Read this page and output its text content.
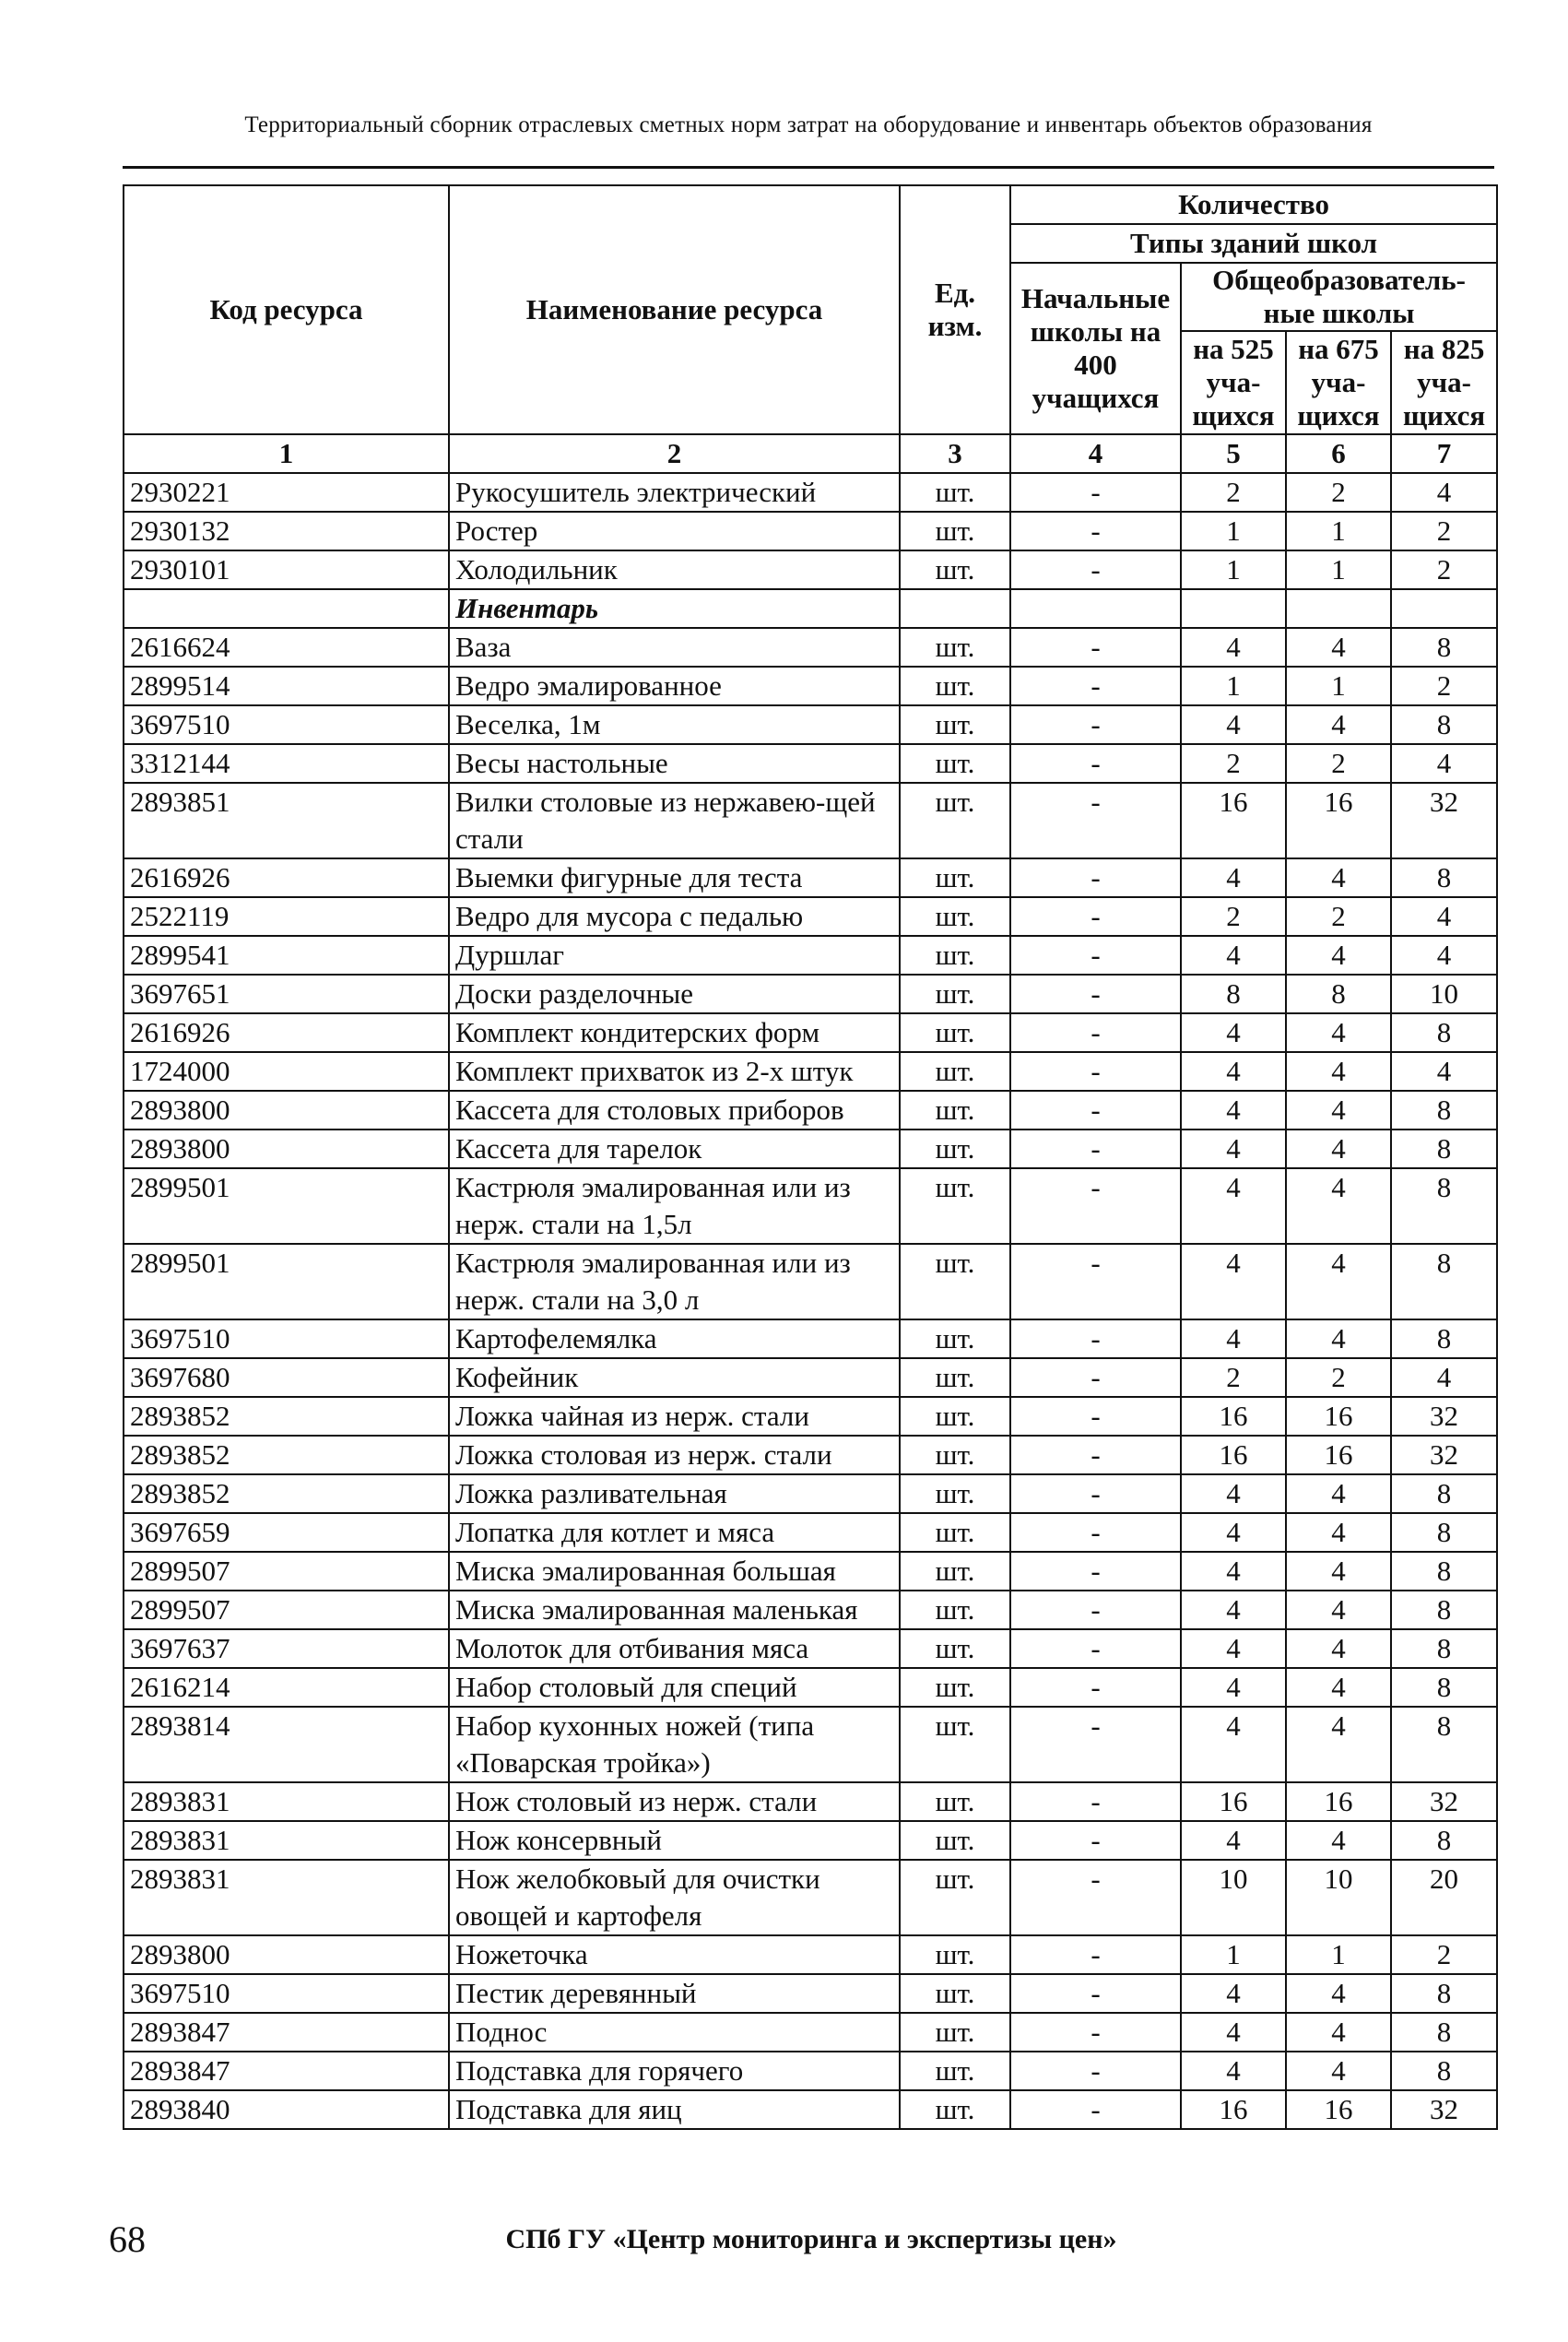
Территориальный сборник отраслевых сметных норм затрат на оборудование и инвентарь объектов образования
Код ресурса	Наименование ресурса	Ед. изм.	Количество			
			Типы зданий школ			
			Начальные школы на 400 учащихся	Общеобразователь-ные школы		
				на 525 уча-щихся	на 675 уча-щихся	на 825 уча-щихся
1	2	3	4	5	6	7
2930221	Рукосушитель электрический	шт.	-	2	2	4
2930132	Ростер	шт.	-	1	1	2
2930101	Холодильник	шт.	-	1	1	2
	Инвентарь					
2616624	Ваза	шт.	-	4	4	8
2899514	Ведро эмалированное	шт.	-	1	1	2
3697510	Веселка, 1м	шт.	-	4	4	8
3312144	Весы настольные	шт.	-	2	2	4
2893851	Вилки столовые из нержавею-щей стали	шт.	-	16	16	32
2616926	Выемки фигурные для теста	шт.	-	4	4	8
2522119	Ведро для мусора с педалью	шт.	-	2	2	4
2899541	Дуршлаг	шт.	-	4	4	4
3697651	Доски разделочные	шт.	-	8	8	10
2616926	Комплект кондитерских форм	шт.	-	4	4	8
1724000	Комплект прихваток из 2-х штук	шт.	-	4	4	4
2893800	Кассета для столовых приборов	шт.	-	4	4	8
2893800	Кассета для тарелок	шт.	-	4	4	8
2899501	Кастрюля эмалированная или из нерж. стали на 1,5л	шт.	-	4	4	8
2899501	Кастрюля эмалированная или из нерж. стали на 3,0 л	шт.	-	4	4	8
3697510	Картофелемялка	шт.	-	4	4	8
3697680	Кофейник	шт.	-	2	2	4
2893852	Ложка чайная из нерж. стали	шт.	-	16	16	32
2893852	Ложка столовая из нерж. стали	шт.	-	16	16	32
2893852	Ложка разливательная	шт.	-	4	4	8
3697659	Лопатка для котлет и мяса	шт.	-	4	4	8
2899507	Миска эмалированная большая	шт.	-	4	4	8
2899507	Миска эмалированная маленькая	шт.	-	4	4	8
3697637	Молоток для отбивания мяса	шт.	-	4	4	8
2616214	Набор столовый для специй	шт.	-	4	4	8
2893814	Набор кухонных ножей (типа «Поварская тройка»)	шт.	-	4	4	8
2893831	Нож столовый из нерж. стали	шт.	-	16	16	32
2893831	Нож консервный	шт.	-	4	4	8
2893831	Нож желобковый для очистки овощей и картофеля	шт.	-	10	10	20
2893800	Ножеточка	шт.	-	1	1	2
3697510	Пестик деревянный	шт.	-	4	4	8
2893847	Поднос	шт.	-	4	4	8
2893847	Подставка для горячего	шт.	-	4	4	8
2893840	Подставка для яиц	шт.	-	16	16	32
68	СПб ГУ «Центр мониторинга и экспертизы цен»
